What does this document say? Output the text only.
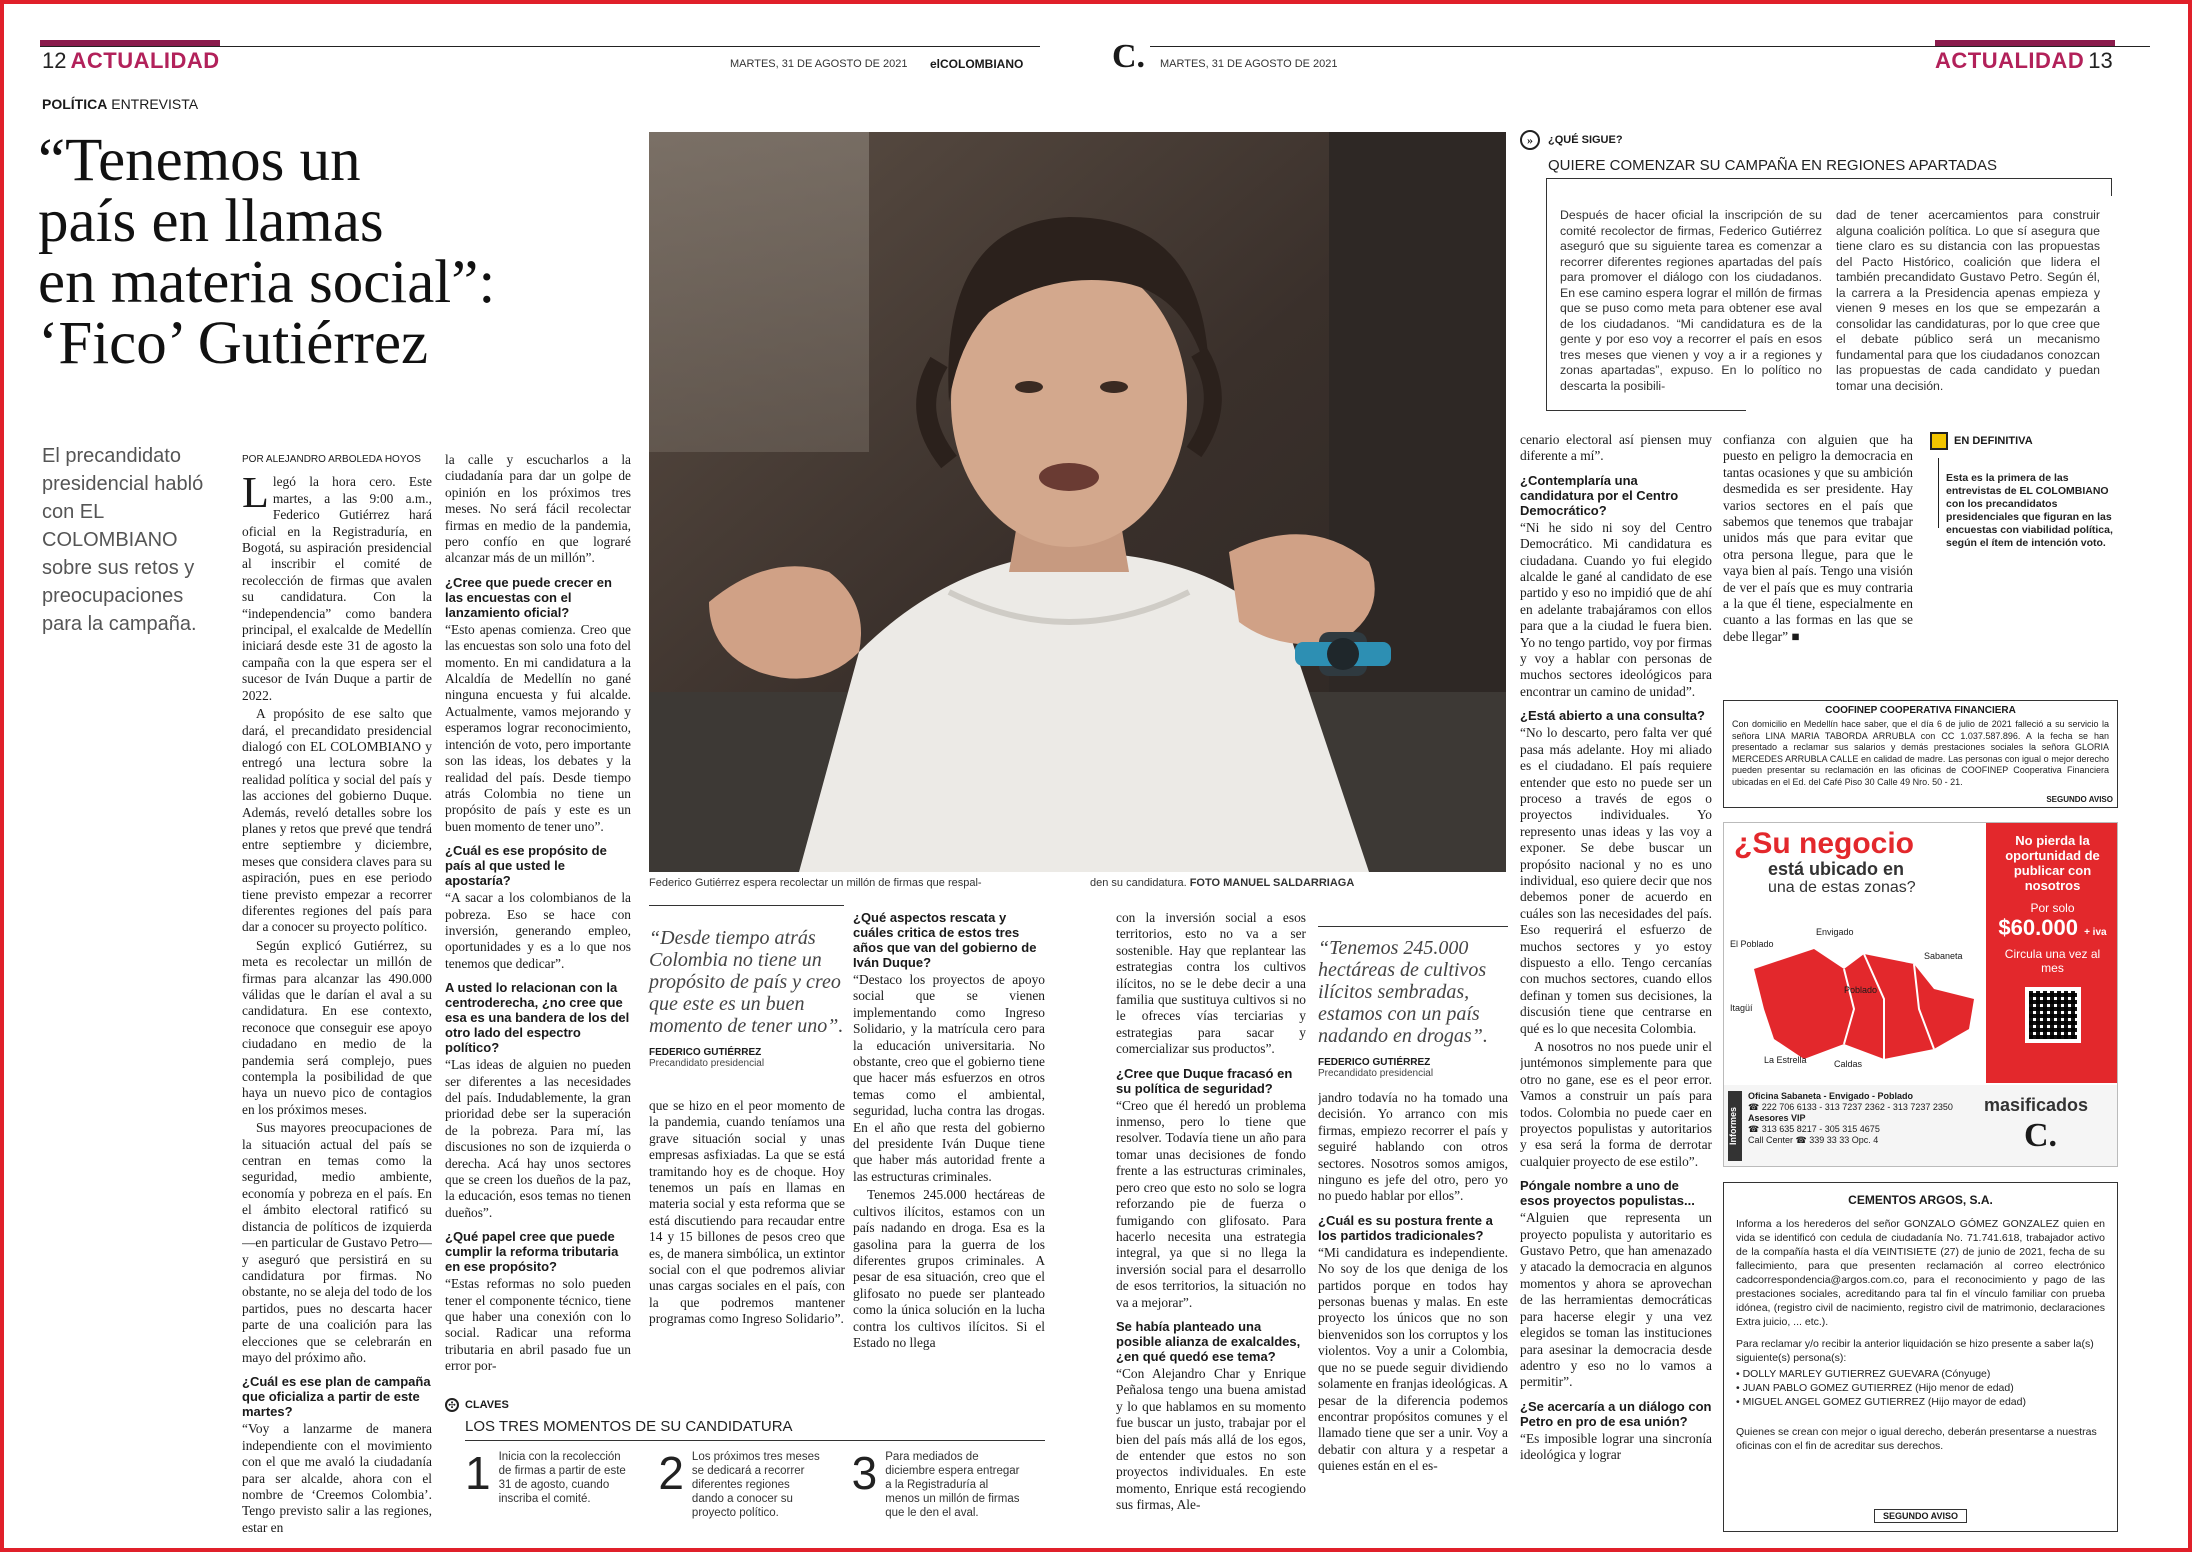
12 ACTUALIDAD	MARTES, 31 DE AGOSTO DE 2021 elCOLOMBIANO	C. MARTES, 31 DE AGOSTO DE 2021	ACTUALIDAD 13
POLÍTICA ENTREVISTA
“Tenemos un
país en llamas
en materia social”:
‘Fico’ Gutiérrez
El precandidato presidencial habló con EL COLOMBIANO sobre sus retos y preocupaciones para la campaña.
POR ALEJANDRO ARBOLEDA HOYOS

Llegó la hora cero. Este martes, a las 9:00 a.m., Federico Gutiérrez hará oficial en la Registraduría, en Bogotá, su aspiración presidencial al inscribir el comité de recolección de firmas que avalen su candidatura. Con la “independencia” como bandera principal, el exalcalde de Medellín iniciará desde este 31 de agosto la campaña con la que espera ser el sucesor de Iván Duque a partir de 2022.

A propósito de ese salto que dará, el precandidato presidencial dialogó con EL COLOMBIANO y entregó una lectura sobre la realidad política y social del país y las acciones del gobierno Duque. Además, reveló detalles sobre los planes y retos que prevé que tendrá entre septiembre y diciembre, meses que considera claves para su aspiración, pues en ese periodo tiene previsto empezar a recorrer diferentes regiones del país para dar a conocer su proyecto político.

Según explicó Gutiérrez, su meta es recolectar un millón de firmas para alcanzar las 490.000 válidas que le darían el aval a su candidatura. En ese contexto, reconoce que conseguir ese apoyo ciudadano en medio de la pandemia será complejo, pues contempla la posibilidad de que haya un nuevo pico de contagios en los próximos meses.

Sus mayores preocupaciones de la situación actual del país se centran en temas como la seguridad, medio ambiente, economía y pobreza en el país. En el ámbito electoral ratificó su distancia de políticos de izquierda —en particular de Gustavo Petro— y aseguró que persistirá en su candidatura por firmas. No obstante, no se aleja del todo de los partidos, pues no descarta hacer parte de una coalición para las elecciones que se celebrarán en mayo del próximo año.

¿Cuál es ese plan de campaña que oficializa a partir de este martes?

“Voy a lanzarme de manera independiente con el movimiento con el que me avaló la ciudadanía para ser alcalde, ahora con el nombre de ‘Creemos Colombia’. Tengo previsto salir a las regiones, estar en

la calle y escucharlos a la ciudadanía para dar un golpe de opinión en los próximos tres meses. No será fácil recolectar firmas en medio de la pandemia, pero confío en que lograré alcanzar más de un millón”.

¿Cree que puede crecer en las encuestas con el lanzamiento oficial?

“Esto apenas comienza. Creo que las encuestas son solo una foto del momento. En mi candidatura a la Alcaldía de Medellín no gané ninguna encuesta y fui alcalde. Actualmente, vamos mejorando y esperamos lograr reconocimiento, intención de voto, pero importante son las ideas, los debates y la realidad del país. Desde tiempo atrás Colombia no tiene un propósito de país y este es un buen momento de tener uno”.

¿Cuál es ese propósito de país al que usted le apostaría?

“A sacar a los colombianos de la pobreza. Eso se hace con inversión, generando empleo, oportunidades y es a lo que nos tenemos que dedicar”.

A usted lo relacionan con la centroderecha, ¿no cree que esa es una bandera de los del otro lado del espectro político?

“Las ideas de alguien no pueden ser diferentes a las necesidades del país. Indudablemente, la gran prioridad debe ser la superación de la pobreza. Para mí, las discusiones no son de izquierda o derecha. Acá hay unos sectores que se creen los dueños de la paz, la educación, esos temas no tienen dueños”.

¿Qué papel cree que puede cumplir la reforma tributaria en ese propósito?

“Estas reformas no solo pueden tener el componente técnico, tiene que haber una conexión con lo social. Radicar una reforma tributaria en abril pasado fue un error por-

Federico Gutiérrez espera recolectar un millón de firmas que respal-	den su candidatura. FOTO MANUEL SALDARRIAGA
“Desde tiempo atrás Colombia no tiene un propósito de país y creo que este es un buen momento de tener uno”.
FEDERICO GUTIÉRREZ
Precandidato presidencial

que se hizo en el peor momento de la pandemia, cuando teníamos una grave situación social y unas empresas asfixiadas. La que se está tramitando hoy es de choque. Hoy tenemos un país en llamas en materia social y esta reforma que se está discutiendo para recaudar entre 14 y 15 billones de pesos creo que es, de manera simbólica, un extintor social con el que podremos aliviar unas cargas sociales en el país, con la que podremos mantener programas como Ingreso Solidario”.

¿Qué aspectos rescata y cuáles critica de estos tres años que van del gobierno de Iván Duque?

“Destaco los proyectos de apoyo social que se vienen implementando como Ingreso Solidario, y la matrícula cero para la educación universitaria. No obstante, creo que el gobierno tiene que hacer más esfuerzos en otros temas como el ambiental, seguridad, lucha contra las drogas. En el año que resta del gobierno del presidente Iván Duque tiene que haber más autoridad frente a las estructuras criminales.

Tenemos 245.000 hectáreas de cultivos ilícitos, estamos con un país nadando en droga. Esa es la gasolina para la guerra de los diferentes grupos criminales. A pesar de esa situación, creo que el glifosato no puede ser planteado como la única solución en la lucha contra los cultivos ilícitos. Si el Estado no llega

con la inversión social a esos territorios, esto no va a ser sostenible. Hay que replantear las estrategias contra los cultivos ilícitos, no se le debe decir a una familia que sustituya cultivos si no le ofreces vías terciarias y estrategias para sacar y comercializar sus productos”.

¿Cree que Duque fracasó en su política de seguridad?

“Creo que él heredó un problema inmenso, pero lo tiene que resolver. Todavía tiene un año para tomar unas decisiones de fondo frente a las estructuras criminales, pero creo que esto no solo se logra reforzando pie de fuerza o fumigando con glifosato. Para hacerlo necesita una estrategia integral, ya que si no llega la inversión social para el desarrollo de esos territorios, la situación no va a mejorar”.

Se había planteado una posible alianza de exalcaldes, ¿en qué quedó ese tema?

“Con Alejandro Char y Enrique Peñalosa tengo una buena amistad y lo que hablamos en su momento fue buscar un justo, trabajar por el bien del país más allá de los egos, de entender que estos no son proyectos individuales. En este momento, Enrique está recogiendo sus firmas, Ale-

“Tenemos 245.000 hectáreas de cultivos ilícitos sembradas, estamos con un país nadando en drogas”.
FEDERICO GUTIÉRREZ
Precandidato presidencial

jandro todavía no ha tomado una decisión. Yo arranco con mis firmas, empiezo recorrer el país y seguiré hablando con otros sectores. Nosotros somos amigos, ninguno es jefe del otro, pero yo no puedo hablar por ellos”.

¿Cuál es su postura frente a los partidos tradicionales?

“Mi candidatura es independiente. No soy de los que deniga de los partidos porque en todos hay personas buenas y malas. En este proyecto los únicos que no son bienvenidos son los corruptos y los violentos. Voy a unir a Colombia, que no se puede seguir dividiendo solamente en franjas ideológicas. A pesar de la diferencia podemos encontrar propósitos comunes y el llamado tiene que ser a unir. Voy a debatir con altura y a respetar a quienes están en el es-

✣ CLAVES
LOS TRES MOMENTOS DE SU CANDIDATURA
1 Inicia con la recolección de firmas a partir de este 31 de agosto, cuando inscriba el comité.	2 Los próximos tres meses se dedicará a recorrer diferentes regiones dando a conocer su proyecto político.
3 Para mediados de diciembre espera entregar a la Registraduría al menos un millón de firmas que le den el aval.
»	¿QUÉ SIGUE?
QUIERE COMENZAR SU CAMPAÑA EN REGIONES APARTADAS
Después de hacer oficial la inscripción de su comité recolector de firmas, Federico Gutiérrez aseguró que su siguiente tarea es comenzar a recorrer diferentes regiones apartadas del país para promover el diálogo con los ciudadanos. En ese camino espera lograr el millón de firmas que se puso como meta para obtener ese aval de los ciudadanos. “Mi candidatura es de la gente y por eso voy a recorrer el país en esos tres meses que vienen y voy a ir a regiones y zonas apartadas”, expuso. En lo político no descarta la posibili-
dad de tener acercamientos para construir alguna coalición política. Lo que sí asegura que tiene claro es su distancia con las propuestas del Pacto Histórico, coalición que lidera el también precandidato Gustavo Petro. Según él, la carrera a la Presidencia apenas empieza y vienen 9 meses en los que se empezarán a consolidar las candidaturas, por lo que cree que el debate público será un mecanismo fundamental para que los ciudadanos conozcan las propuestas de cada candidato y puedan tomar una decisión.

cenario electoral así piensen muy diferente a mí”.

¿Contemplaría una candidatura por el Centro Democrático?

“Ni he sido ni soy del Centro Democrático. Mi candidatura es ciudadana. Cuando yo fui elegido alcalde le gané al candidato de ese partido y eso no impidió que de ahí en adelante trabajáramos con ellos para que a la ciudad le fuera bien. Yo no tengo partido, voy por firmas y voy a hablar con personas de muchos sectores ideológicos para encontrar un camino de unidad”.

¿Está abierto a una consulta?

“No lo descarto, pero falta ver qué pasa más adelante. Hoy mi aliado es el ciudadano. El país requiere entender que esto no puede ser un proceso a través de egos o proyectos individuales. Yo represento unas ideas y las voy a exponer. Se debe buscar un propósito nacional y no es uno individual, eso quiere decir que nos debemos poner de acuerdo en cuáles son las necesidades del país. Eso requerirá el esfuerzo de muchos sectores y yo estoy dispuesto a ello. Tengo cercanías con muchos sectores, cuando ellos definan y tomen sus decisiones, la discusión tiene que centrarse en qué es lo que necesita Colombia.

A nosotros no nos puede unir el juntémonos simplemente para que otro no gane, ese es el peor error. Vamos a construir un país para todos. Colombia no puede caer en proyectos populistas y autoritarios y esa será la forma de derrotar cualquier proyecto de ese estilo”.

Póngale nombre a uno de esos proyectos populistas...

“Alguien que representa un proyecto populista y autoritario es Gustavo Petro, que han amenazado y atacado la democracia en algunos momentos y ahora se aprovechan de las herramientas democráticas para hacerse elegir y una vez elegidos se toman las instituciones para asesinar la democracia desde adentro y eso no lo vamos a permitir”.

¿Se acercaría a un diálogo con Petro en pro de esa unión?

“Es imposible lograr una sincronía ideológica y lograr

confianza con alguien que ha puesto en peligro la democracia en tantas ocasiones y que su ambición desmedida es ser presidente. Hay varios sectores en el país que sabemos que tenemos que trabajar unidos más que para evitar que otra persona llegue, para que le vaya bien al país. Tengo una visión de ver el país que es muy contraria a la que él tiene, especialmente en cuanto a las formas en las que se debe llegar” ■

EN DEFINITIVA
Esta es la primera de las entrevistas de EL COLOMBIANO con los precandidatos presidenciales que figuran en las encuestas con viabilidad política, según el ítem de intención voto.
COOFINEP COOPERATIVA FINANCIERA
Con domicilio en Medellín hace saber, que el día 6 de julio de 2021 falleció a su servicio la señora LINA MARIA TABORDA ARRUBLA con CC 1.037.587.896. A la fecha se han presentado a reclamar sus salarios y demás prestaciones sociales la señora GLORIA MERCEDES ARRUBLA CALLE en calidad de madre. Las personas con igual o mejor derecho pueden presentar su reclamación en las oficinas de COOFINEP Cooperativa Financiera ubicadas en el Ed. del Café Piso 30 Calle 49 Nro. 50 - 21.
SEGUNDO AVISO
¿Su negocio
está ubicado en
una de estas zonas?
No pierda la oportunidad de publicar con nosotros
Por solo
$60.000 + iva
Circula una vez al mes
El Poblado
Envigado
Sabaneta
Itagüí
Poblado
La Estrella	Caldas
Informes
Oficina Sabaneta - Envigado - Poblado
☎ 222 706 6133 - 313 7237 2362 - 313 7237 2350
Asesores VIP
☎ 313 635 8217 - 305 315 4675
Call Center ☎ 339 33 33 Opc. 4
masificados
C.
CEMENTOS ARGOS, S.A.
Informa a los herederos del señor GONZALO GÓMEZ GONZALEZ quien en vida se identificó con cedula de ciudadanía No. 71.741.618, trabajador activo de la compañía hasta el día VEINTISIETE (27) de junio de 2021, fecha de su fallecimiento, para que presenten reclamación al correo electrónico cadcorrespondencia@argos.com.co, para el reconocimiento y pago de las prestaciones sociales, acreditando para tal fin el vínculo familiar con prueba idónea, (registro civil de nacimiento, registro civil de matrimonio, declaraciones Extra juicio, ... etc.).
Para reclamar y/o recibir la anterior liquidación se hizo presente a saber la(s) siguiente(s) persona(s):
• DOLLY MARLEY GUTIERREZ GUEVARA (Cónyuge)
• JUAN PABLO GOMEZ GUTIERREZ (Hijo menor de edad)
• MIGUEL ANGEL GOMEZ GUTIERREZ (Hijo mayor de edad)
Quienes se crean con mejor o igual derecho, deberán presentarse a nuestras oficinas con el fin de acreditar sus derechos.
SEGUNDO AVISO
